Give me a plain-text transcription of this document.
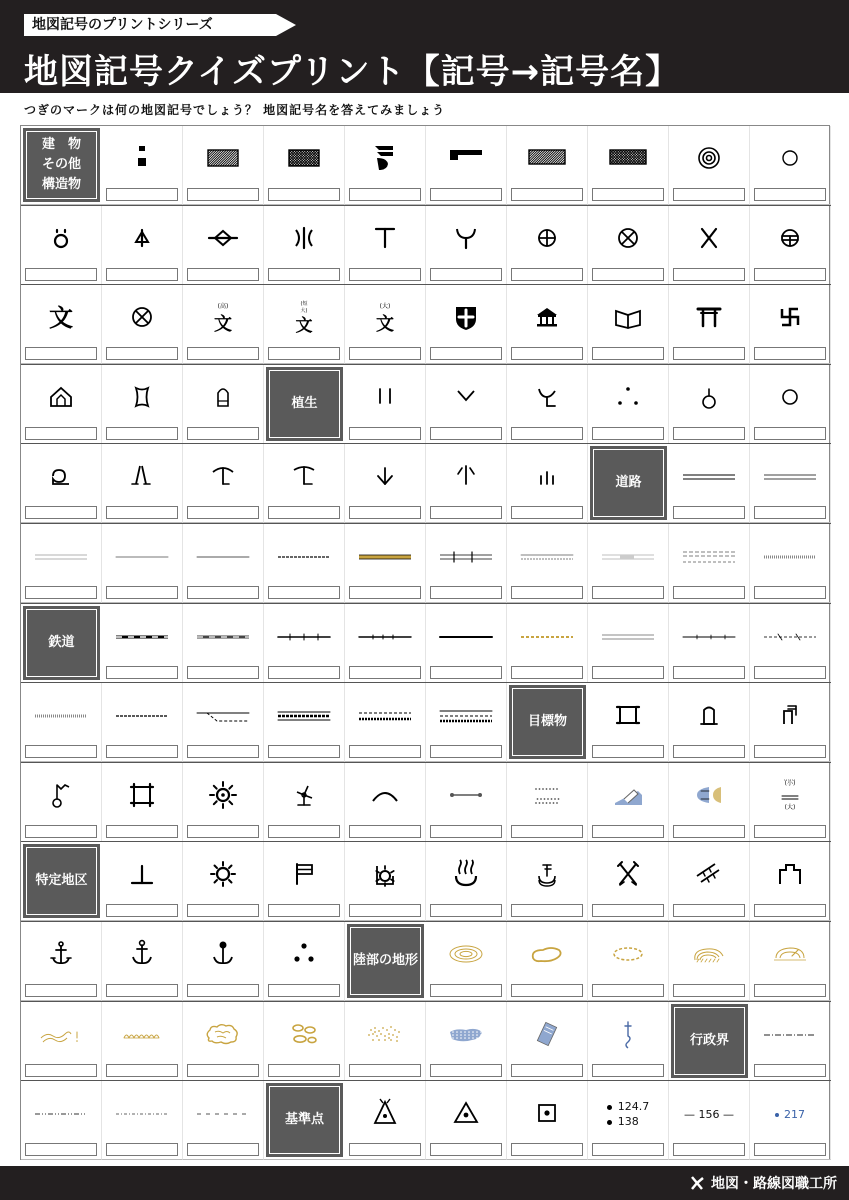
地図記号のプリントシリーズ
地図記号クイズプリント【記号→記号名】
つぎのマークは何の地図記号でしょう？ 地図記号名を答えてみましょう
建　物
その他
構造物
文	(高)
文
(短
大)
文
(大)
文
植生
道路
鉄道
目標物
(小)
(大)
特定地区
陸部の地形
行政界
基準点
124.7
138
— 156 —	217
地図・路線図職工所
